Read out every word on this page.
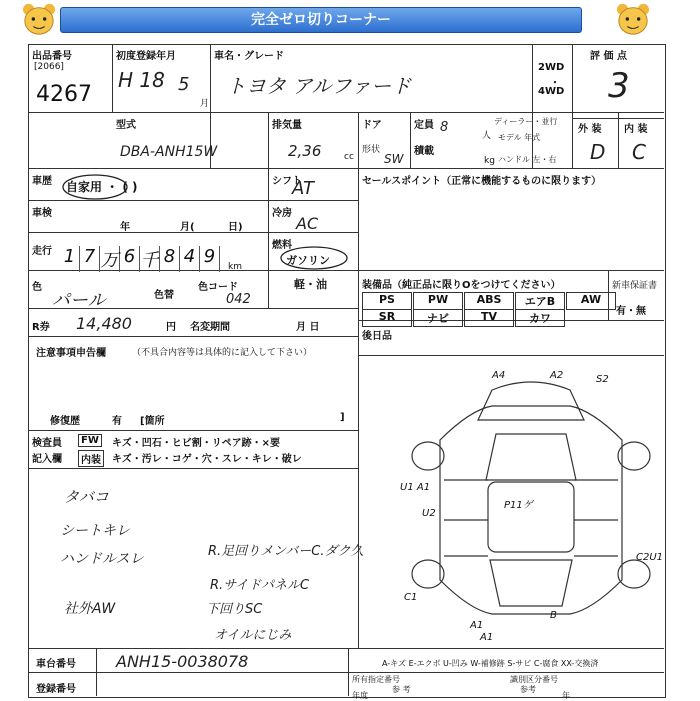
完全ゼロ切りコーナー
出品番号
[2066]
4267
初度登録年月
H 18 5
月
車名・グレード
トヨタ アルファード
2WD
・
4WD
評 価 点
3
型式
DBA-ANH15W
排気量
2,36	cc
ドア
形状
SW
定員 8
人
積載
kg
ディーラー・並行
モデル 年式
ハンドル 左・右
外 装 内 装
D C
車歴 自家用 ・ ( )	シフト
AT
車検
年	月(	日)
冷房
AC
走行 1 7 万 6 千 8 4 9	km
燃料
ガソリン
軽・油
色
パール	色替
色コード
042
R券 14,480	円 名変期間	月 日
セールスポイント（正常に機能するものに限ります）
装備品（純正品に限りOをつけてください）	新車保証書
有・無
PS	PW	ABS	エアB	AW
SR	ナビ	TV	カワ
後日品
注意事項申告欄	（不具合内容等は具体的に記入して下さい）
修復歴	有 [箇所	]
検査員
記入欄
FW	キズ・凹石・ヒビ割・リペア跡・×要
内装	キズ・汚レ・コゲ・穴・スレ・キレ・破レ
タバコ
シートキレ
ハンドルスレ
社外AW
R.足回りメンバーC.ダク久
R.サイドパネルC
下回りSC
オイルにじみ
A4	A2	S2
U1 A1
U2
P11ゲ
C2U1
C1
A1
A1
B
車台番号	ANH15-0038078
登録番号
A-キズ E-エクボ U-凹み W-補修跡 S-サビ C-腐食 XX-交換済
所有指定番号
参 考
識別区分番号
参考
年度	年
